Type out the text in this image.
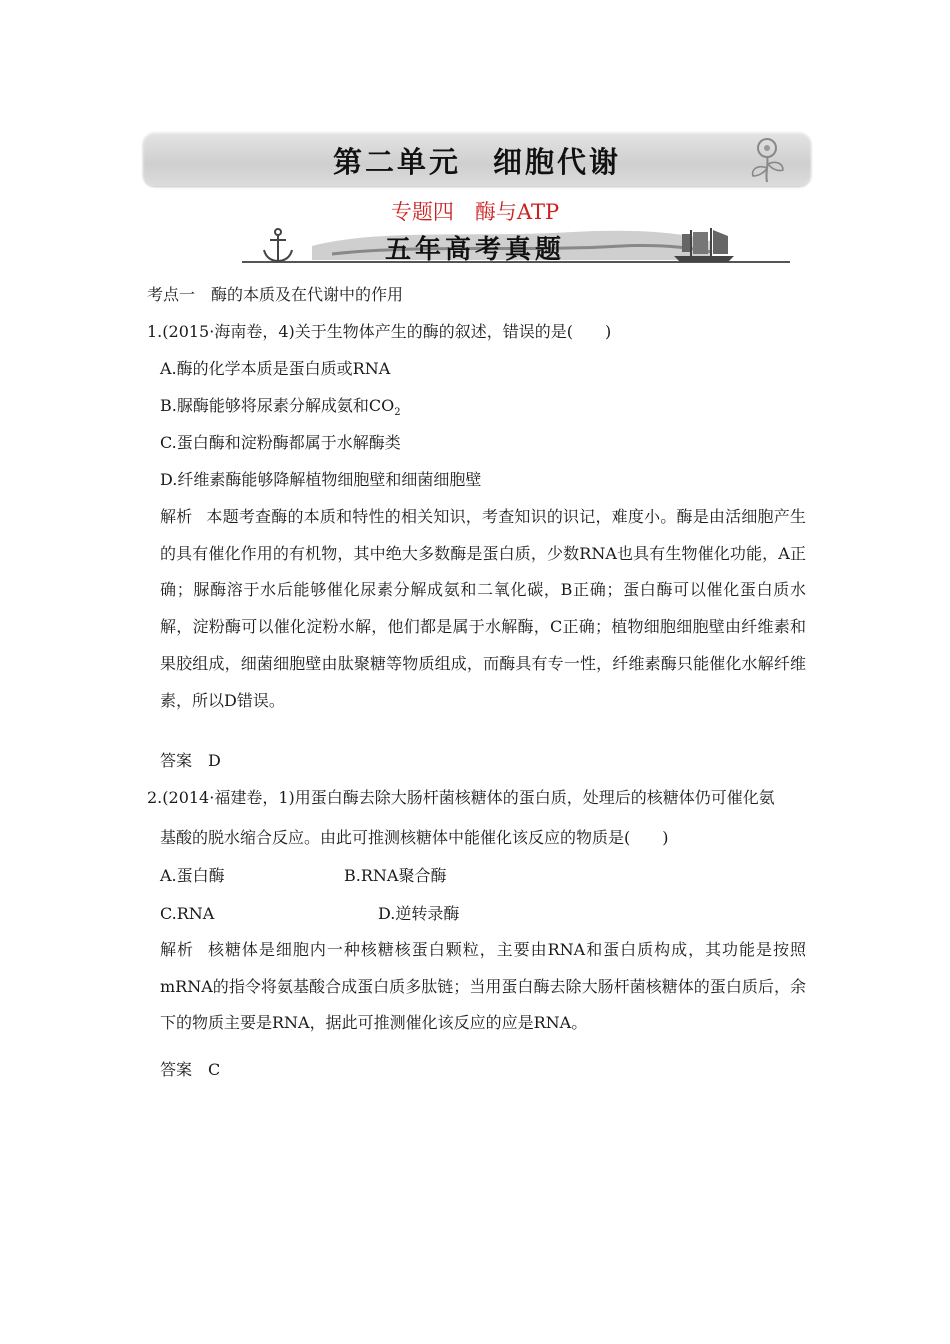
第二单元　细胞代谢
专题四　酶与ATP
五年高考真题
考点一　酶的本质及在代谢中的作用
1.(2015·海南卷，4)关于生物体产生的酶的叙述，错误的是(　　)
A.酶的化学本质是蛋白质或RNA
B.脲酶能够将尿素分解成氨和$CO_2$
C.蛋白酶和淀粉酶都属于水解酶类
D.纤维素酶能够降解植物细胞壁和细菌细胞壁
解析 本题考查酶的本质和特性的相关知识，考查知识的识记，难度小。酶是由活细胞产生的具有催化作用的有机物，其中绝大多数酶是蛋白质，少数RNA也具有生物催化功能，A正确；脲酶溶于水后能够催化尿素分解成氨和二氧化碳，B正确；蛋白酶可以催化蛋白质水解，淀粉酶可以催化淀粉水解，他们都是属于水解酶，C正确；植物细胞细胞壁由纤维素和果胶组成，细菌细胞壁由肽聚糖等物质组成，而酶具有专一性，纤维素酶只能催化水解纤维素，所以D错误。
答案　D
2.(2014·福建卷，1)用蛋白酶去除大肠杆菌核糖体的蛋白质，处理后的核糖体仍可催化氨
基酸的脱水缩合反应。由此可推测核糖体中能催化该反应的物质是(　　)
A.蛋白酶	B.RNA聚合酶
C.RNA	D.逆转录酶
解析 核糖体是细胞内一种核糖核蛋白颗粒，主要由RNA和蛋白质构成，其功能是按照mRNA的指令将氨基酸合成蛋白质多肽链；当用蛋白酶去除大肠杆菌核糖体的蛋白质后，余下的物质主要是RNA，据此可推测催化该反应的应是RNA。
答案　C
